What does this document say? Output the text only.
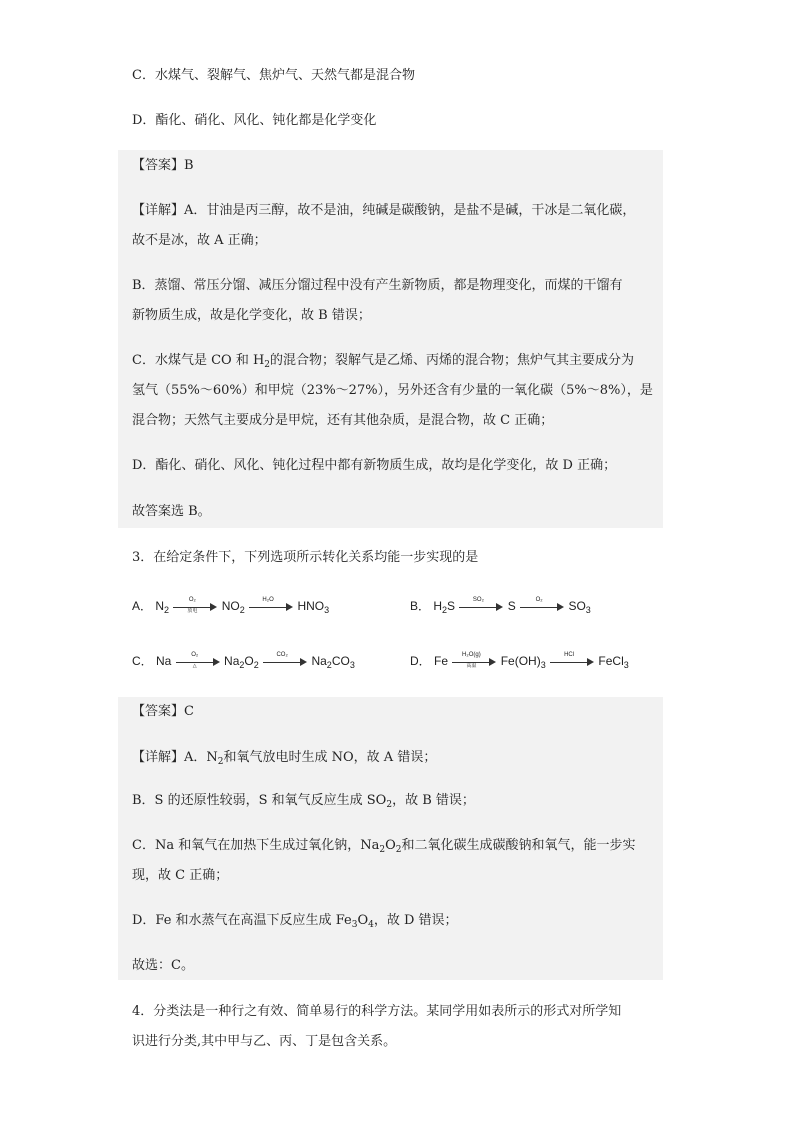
C．水煤气、裂解气、焦炉气、天然气都是混合物
D．酯化、硝化、风化、钝化都是化学变化
【答案】B
【详解】A．甘油是丙三醇，故不是油，纯碱是碳酸钠，是盐不是碱，干冰是二氧化碳，
故不是冰，故 A 正确；
B．蒸馏、常压分馏、减压分馏过程中没有产生新物质，都是物理变化，而煤的干馏有
新物质生成，故是化学变化，故 B 错误；
C．水煤气是 CO 和 $H_2$的混合物；裂解气是乙烯、丙烯的混合物；焦炉气其主要成分为
氢气（55%～60%）和甲烷（23%～27%），另外还含有少量的一氧化碳（5%～8%），是
混合物；天然气主要成分是甲烷，还有其他杂质，是混合物，故 C 正确；
D．酯化、硝化、风化、钝化过程中都有新物质生成，故均是化学变化，故 D 正确；
故答案选 B。
3．在给定条件下，下列选项所示转化关系均能一步实现的是
A． $N_2$
O₂
放电	$NO_2$
H₂O	$HNO_3$	B． $H_2S$	SO₂	S	O₂	$SO_3$
C． Na	O₂
△	$Na_2O_2$
CO₂	$Na_2CO_3$	D． Fe	H₂O(g)
高温	$Fe(OH)_3$
HCl	FeCl$_3$
【答案】C
【详解】A．$N_2$和氧气放电时生成 NO，故 A 错误；
B．S 的还原性较弱，S 和氧气反应生成 $SO_2$，故 B 错误；
C．Na 和氧气在加热下生成过氧化钠，$Na_2O_2$和二氧化碳生成碳酸钠和氧气，能一步实
现，故 C 正确；
D．Fe 和水蒸气在高温下反应生成 $Fe_3O_4$，故 D 错误；
故选：C。
4．分类法是一种行之有效、简单易行的科学方法。某同学用如表所示的形式对所学知
识进行分类,其中甲与乙、丙、丁是包含关系。
